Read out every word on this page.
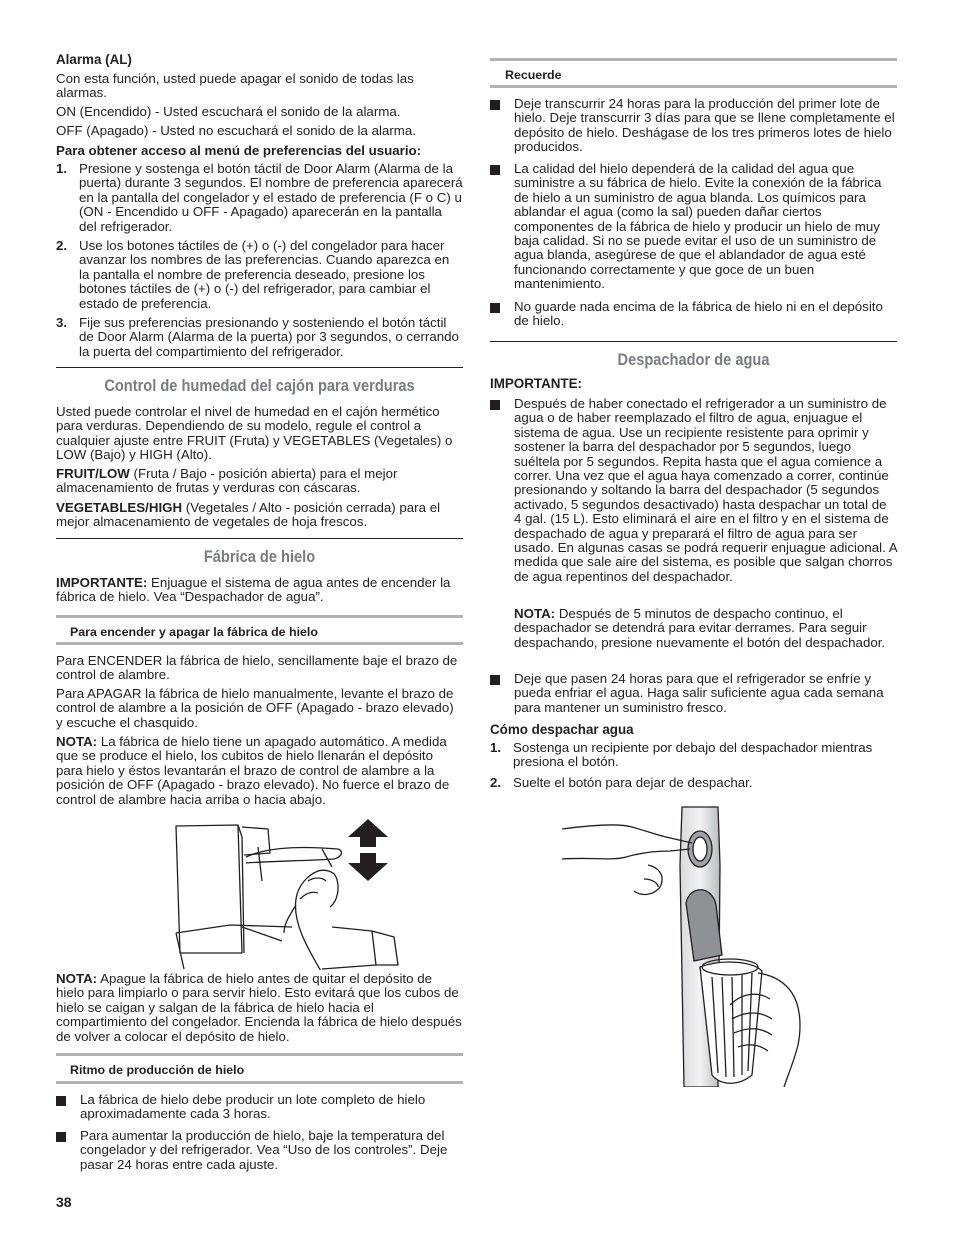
Alarma (AL)

Con esta función, usted puede apagar el sonido de todas las alarmas.

ON (Encendido) - Usted escuchará el sonido de la alarma.

OFF (Apagado) - Usted no escuchará el sonido de la alarma.

Para obtener acceso al menú de preferencias del usuario:

1. Presione y sostenga el botón táctil de Door Alarm (Alarma de la puerta) durante 3 segundos. El nombre de preferencia aparecerá en la pantalla del congelador y el estado de preferencia (F o C) u (ON - Encendido u OFF - Apagado) aparecerán en la pantalla del refrigerador.
2. Use los botones táctiles de (+) o (-) del congelador para hacer avanzar los nombres de las preferencias. Cuando aparezca en la pantalla el nombre de preferencia deseado, presione los botones táctiles de (+) o (-) del refrigerador, para cambiar el estado de preferencia.
3. Fije sus preferencias presionando y sosteniendo el botón táctil de Door Alarm (Alarma de la puerta) por 3 segundos, o cerrando la puerta del compartimiento del refrigerador.
Control de humedad del cajón para verduras

Usted puede controlar el nivel de humedad en el cajón hermético para verduras. Dependiendo de su modelo, regule el control a cualquier ajuste entre FRUIT (Fruta) y VEGETABLES (Vegetales) o LOW (Bajo) y HIGH (Alto).

FRUIT/LOW (Fruta / Bajo - posición abierta) para el mejor almacenamiento de frutas y verduras con cáscaras.

VEGETABLES/HIGH (Vegetales / Alto - posición cerrada) para el mejor almacenamiento de vegetales de hoja frescos.

Fábrica de hielo

IMPORTANTE: Enjuague el sistema de agua antes de encender la fábrica de hielo. Vea “Despachador de agua”.

Para encender y apagar la fábrica de hielo

Para ENCENDER la fábrica de hielo, sencillamente baje el brazo de control de alambre.

Para APAGAR la fábrica de hielo manualmente, levante el brazo de control de alambre a la posición de OFF (Apagado - brazo elevado) y escuche el chasquido.

NOTA: La fábrica de hielo tiene un apagado automático. A medida que se produce el hielo, los cubitos de hielo llenarán el depósito para hielo y éstos levantarán el brazo de control de alambre a la posición de OFF (Apagado - brazo elevado). No fuerce el brazo de control de alambre hacia arriba o hacia abajo.

NOTA: Apague la fábrica de hielo antes de quitar el depósito de hielo para limpiarlo o para servir hielo. Esto evitará que los cubos de hielo se caigan y salgan de la fábrica de hielo hacia el compartimiento del congelador. Encienda la fábrica de hielo después de volver a colocar el depósito de hielo.

Ritmo de producción de hielo
La fábrica de hielo debe producir un lote completo de hielo aproximadamente cada 3 horas.
Para aumentar la producción de hielo, baje la temperatura del congelador y del refrigerador. Vea “Uso de los controles”. Deje pasar 24 horas entre cada ajuste.
Recuerde
Deje transcurrir 24 horas para la producción del primer lote de hielo. Deje transcurrir 3 días para que se llene completamente el depósito de hielo. Deshágase de los tres primeros lotes de hielo producidos.
La calidad del hielo dependerá de la calidad del agua que suministre a su fábrica de hielo. Evite la conexión de la fábrica de hielo a un suministro de agua blanda. Los químicos para ablandar el agua (como la sal) pueden dañar ciertos componentes de la fábrica de hielo y producir un hielo de muy baja calidad. Si no se puede evitar el uso de un suministro de agua blanda, asegúrese de que el ablandador de agua esté funcionando correctamente y que goce de un buen mantenimiento.
No guarde nada encima de la fábrica de hielo ni en el depósito de hielo.
Despachador de agua
IMPORTANTE:
Después de haber conectado el refrigerador a un suministro de agua o de haber reemplazado el filtro de agua, enjuague el sistema de agua. Use un recipiente resistente para oprimir y sostener la barra del despachador por 5 segundos, luego suéltela por 5 segundos. Repita hasta que el agua comience a correr. Una vez que el agua haya comenzado a correr, continúe presionando y soltando la barra del despachador (5 segundos activado, 5 segundos desactivado) hasta despachar un total de 4 gal. (15 L). Esto eliminará el aire en el filtro y en el sistema de despachado de agua y preparará el filtro de agua para ser usado. En algunas casas se podrá requerir enjuague adicional. A medida que sale aire del sistema, es posible que salgan chorros de agua repentinos del despachador.

NOTA: Después de 5 minutos de despacho continuo, el despachador se detendrá para evitar derrames. Para seguir despachando, presione nuevamente el botón del despachador.

Deje que pasen 24 horas para que el refrigerador se enfríe y pueda enfriar el agua. Haga salir suficiente agua cada semana para mantener un suministro fresco.
Cómo despachar agua
1. Sostenga un recipiente por debajo del despachador mientras presiona el botón.
2. Suelte el botón para dejar de despachar.
38
